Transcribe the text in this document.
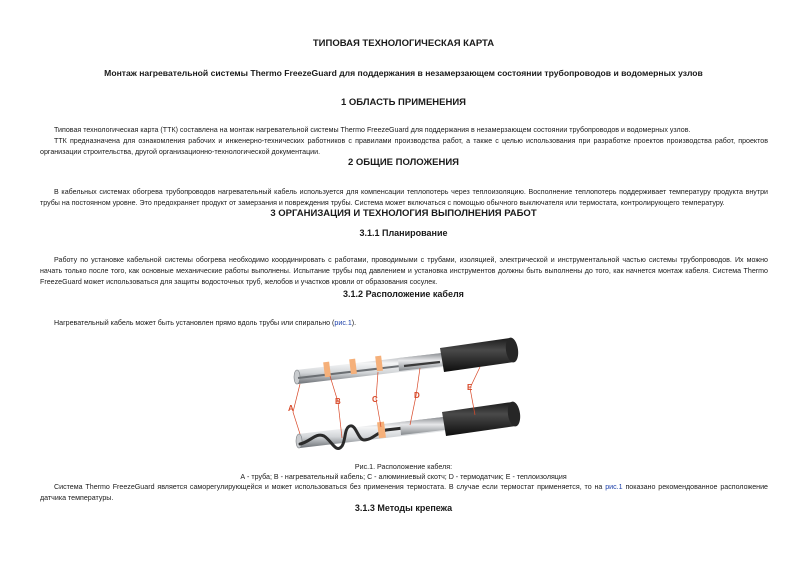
ТИПОВАЯ ТЕХНОЛОГИЧЕСКАЯ КАРТА
Монтаж нагревательной системы Thermo FreezeGuard для поддержания в незамерзающем состоянии трубопроводов и водомерных узлов
1 ОБЛАСТЬ ПРИМЕНЕНИЯ
Типовая технологическая карта (ТТК) составлена на монтаж нагревательной системы Thermo FreezeGuard для поддержания в незамерзающем состоянии трубопроводов и водомерных узлов.
ТТК предназначена для ознакомления рабочих и инженерно-технических работников с правилами производства работ, а также с целью использования при разработке проектов производства работ, проектов организации строительства, другой организационно-технологической документации.
2 ОБЩИЕ ПОЛОЖЕНИЯ
В кабельных системах обогрева трубопроводов нагревательный кабель используется для компенсации теплопотерь через теплоизоляцию. Восполнение теплопотерь поддерживает температуру продукта внутри трубы на постоянном уровне. Это предохраняет продукт от замерзания и повреждения трубы. Система может включаться с помощью обычного выключателя или термостата, контролирующего температуру.
3 ОРГАНИЗАЦИЯ И ТЕХНОЛОГИЯ ВЫПОЛНЕНИЯ РАБОТ
3.1.1 Планирование
Работу по установке кабельной системы обогрева необходимо координировать с работами, проводимыми с трубами, изоляцией, электрической и инструментальной частью системы трубопроводов. Их можно начать только после того, как основные механические работы выполнены. Испытание трубы под давлением и установка инструментов должны быть выполнены до того, как начнется монтаж кабеля. Система Thermo FreezeGuard может использоваться для защиты водосточных труб, желобов и участков кровли от образования сосулек.
3.1.2 Расположение кабеля
Нагревательный кабель может быть установлен прямо вдоль трубы или спирально (рис.1).
A
B	C	D
E
Рис.1. Расположение кабеля:
А - труба; В - нагревательный кабель; С - алюминиевый скотч; D - термодатчик; Е - теплоизоляция
Система Thermo FreezeGuard является саморегулирующейся и может использоваться без применения термостата. В случае если термостат применяется, то на рис.1 показано рекомендованное расположение датчика температуры.
3.1.3 Методы крепежа
